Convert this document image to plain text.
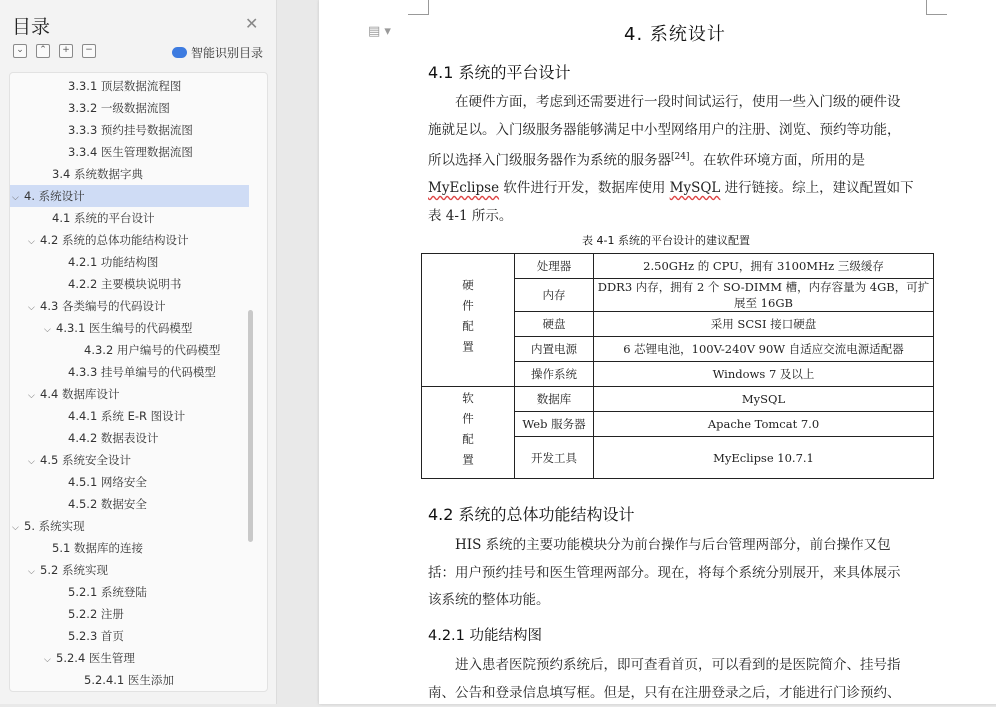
目录	✕
⌄	⌃	+	−	智能识别目录
3.3.1 顶层数据流程图
3.3.2 一级数据流图
3.3.3 预约挂号数据流图
3.3.4 医生管理数据流图
3.4 系统数据字典
⌵ 4. 系统设计
4.1 系统的平台设计
⌵ 4.2 系统的总体功能结构设计
4.2.1 功能结构图
4.2.2 主要模块说明书
⌵ 4.3 各类编号的代码设计
⌵ 4.3.1 医生编号的代码模型
4.3.2 用户编号的代码模型
4.3.3 挂号单编号的代码模型
⌵ 4.4 数据库设计
4.4.1 系统 E-R 图设计
4.4.2 数据表设计
⌵ 4.5 系统安全设计
4.5.1 网络安全
4.5.2 数据安全
⌵ 5. 系统实现
5.1 数据库的连接
⌵ 5.2 系统实现
5.2.1 系统登陆
5.2.2 注册
5.2.3 首页
⌵ 5.2.4 医生管理
5.2.4.1 医生添加
▤ ▾	4. 系统设计
4.1 系统的平台设计
在硬件方面，考虑到还需要进行一段时间试运行，使用一些入门级的硬件设
施就足以。入门级服务器能够满足中小型网络用户的注册、浏览、预约等功能，
所以选择入门级服务器作为系统的服务器[24]。在软件环境方面，所用的是
MyEclipse 软件进行开发，数据库使用 MySQL 进行链接。综上，建议配置如下
表 4-1 所示。
表 4-1 系统的平台设计的建议配置
硬件配置	处理器	2.50GHz 的 CPU，拥有 3100MHz 三级缓存
	内存	DDR3 内存，拥有 2 个 SO-DIMM 槽，内存容量为 4GB，可扩展至 16GB
	硬盘	采用 SCSI 接口硬盘
	内置电源	6 芯锂电池，100V-240V 90W 自适应交流电源适配器
	操作系统	Windows 7 及以上
软件配置	数据库	MySQL
	Web 服务器	Apache Tomcat 7.0
	开发工具	MyEclipse 10.7.1
4.2 系统的总体功能结构设计
HIS 系统的主要功能模块分为前台操作与后台管理两部分，前台操作又包
括：用户预约挂号和医生管理两部分。现在，将每个系统分别展开，来具体展示
该系统的整体功能。
4.2.1 功能结构图
进入患者医院预约系统后，即可查看首页，可以看到的是医院简介、挂号指
南、公告和登录信息填写框。但是，只有在注册登录之后，才能进行门诊预约、
